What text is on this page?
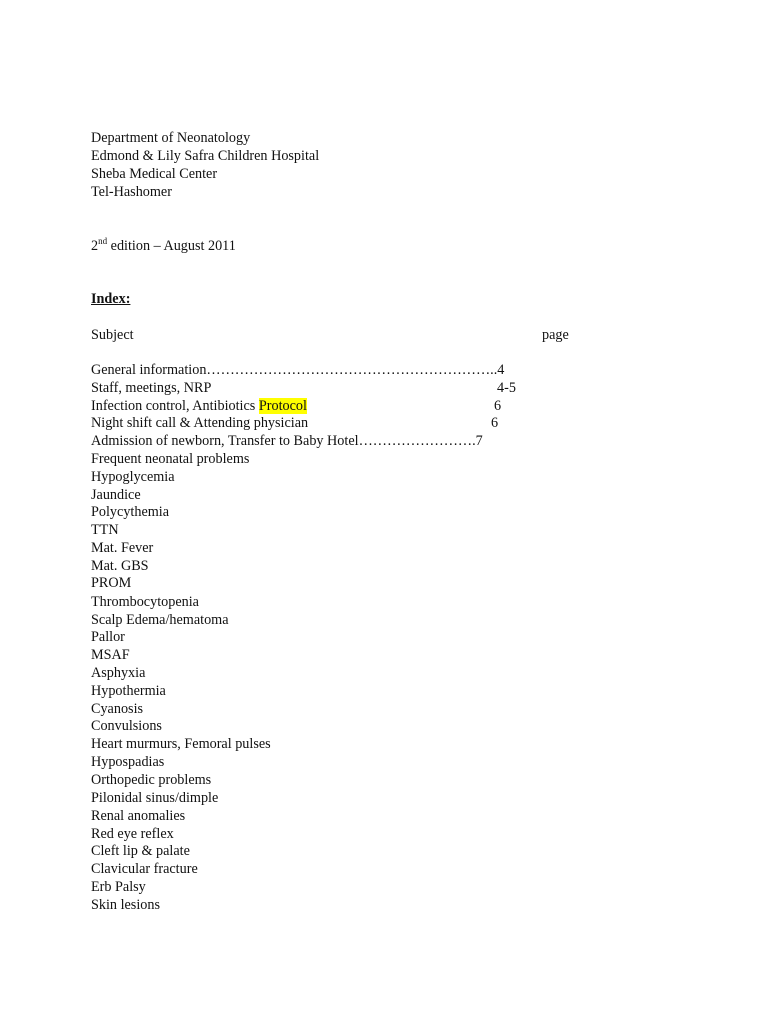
Department of Neonatology
Edmond & Lily Safra Children Hospital
Sheba Medical Center
Tel-Hashomer
2nd edition – August 2011
Index:
Subject	page
General information……………………………………………………..4
Staff, meetings, NRP	4-5
Infection control, Antibiotics Protocol	6
Night shift call & Attending physician	6
Admission of newborn, Transfer to Baby Hotel…………………….7
Frequent neonatal problems
Hypoglycemia
Jaundice
Polycythemia
TTN
Mat. Fever
Mat. GBS
PROM
Thrombocytopenia
Scalp Edema/hematoma
Pallor
MSAF
Asphyxia
Hypothermia
Cyanosis
Convulsions
Heart murmurs, Femoral pulses
Hypospadias
Orthopedic problems
Pilonidal sinus/dimple
Renal anomalies
Red eye reflex
Cleft lip & palate
Clavicular fracture
Erb Palsy
Skin lesions
